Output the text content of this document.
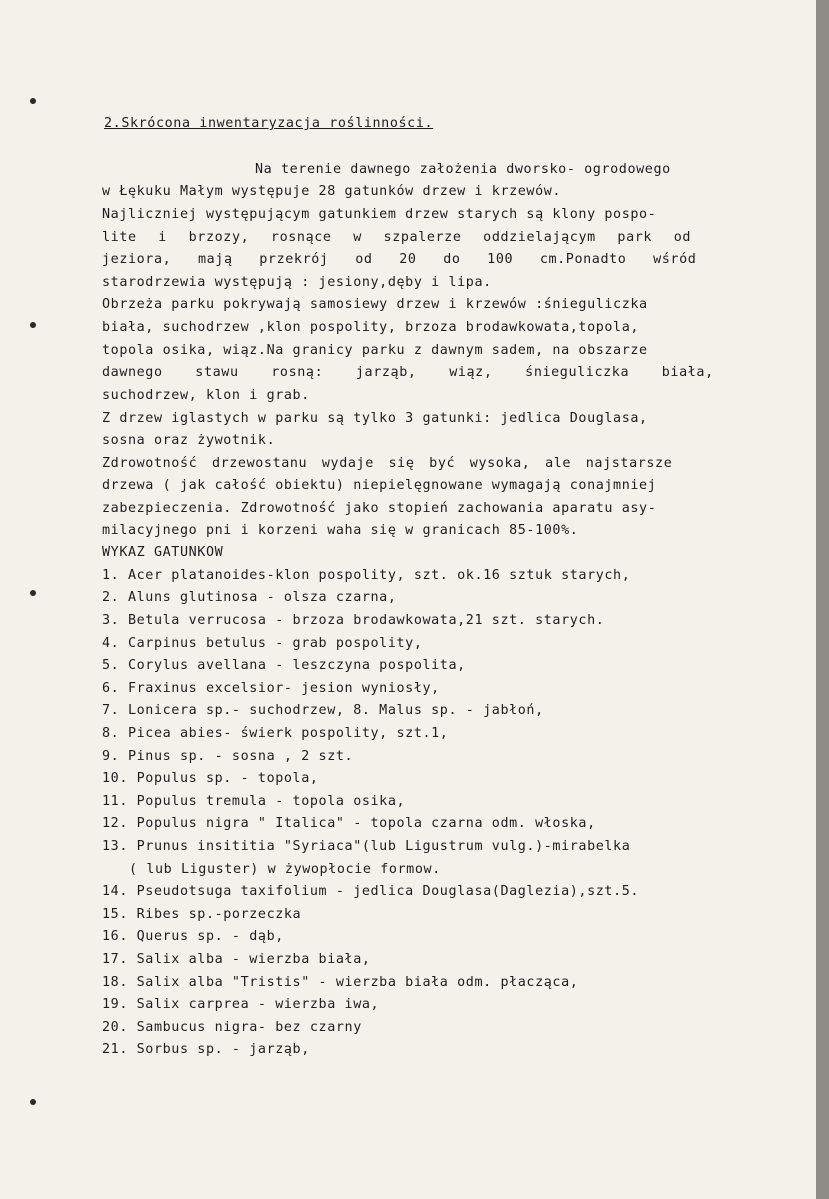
2.Skrócona inwentaryzacja roślinności.
Na terenie dawnego założenia dworsko- ogrodowego
w Łękuku Małym występuje 28 gatunków drzew i krzewów.
Najliczniej występującym gatunkiem drzew starych są klony pospo-
lite i brzozy, rosnące w szpalerze oddzielającym park od
jeziora, mają przekrój od 20 do 100 cm.Ponadto wśród
starodrzewia występują : jesiony,dęby i lipa.
Obrzeża parku pokrywają samosiewy drzew i krzewów :śnieguliczka
biała, suchodrzew ,klon pospolity, brzoza brodawkowata,topola,
topola osika, wiąz.Na granicy parku z dawnym sadem, na obszarze
dawnego stawu rosną: jarząb, wiąz, śnieguliczka biała,
suchodrzew, klon i grab.
Z drzew iglastych w parku są tylko 3 gatunki: jedlica Douglasa,
sosna oraz żywotnik.
Zdrowotność drzewostanu wydaje się być wysoka, ale najstarsze
drzewa ( jak całość obiektu) niepielęgnowane wymagają conajmniej
zabezpieczenia. Zdrowotność jako stopień zachowania aparatu asy-
milacyjnego pni i korzeni waha się w granicach 85-100%.
WYKAZ GATUNKOW
1. Acer platanoides-klon pospolity, szt. ok.16 sztuk starych,
2. Aluns glutinosa - olsza czarna,
3. Betula verrucosa - brzoza brodawkowata,21 szt. starych.
4. Carpinus betulus - grab pospolity,
5. Corylus avellana - leszczyna pospolita,
6. Fraxinus excelsior- jesion wyniosły,
7. Lonicera sp.- suchodrzew, 8. Malus sp. - jabłoń,
8. Picea abies- świerk pospolity, szt.1,
9. Pinus sp. - sosna , 2 szt.
10. Populus sp. - topola,
11. Populus tremula - topola osika,
12. Populus nigra " Italica" - topola czarna odm. włoska,
13. Prunus insititia "Syriaca"(lub Ligustrum vulg.)-mirabelka
( lub Liguster) w żywopłocie formow.
14. Pseudotsuga taxifolium - jedlica Douglasa(Daglezia),szt.5.
15. Ribes sp.-porzeczka
16. Querus sp. - dąb,
17. Salix alba - wierzba biała,
18. Salix alba "Tristis" - wierzba biała odm. płacząca,
19. Salix carprea - wierzba iwa,
20. Sambucus nigra- bez czarny
21. Sorbus sp. - jarząb,
